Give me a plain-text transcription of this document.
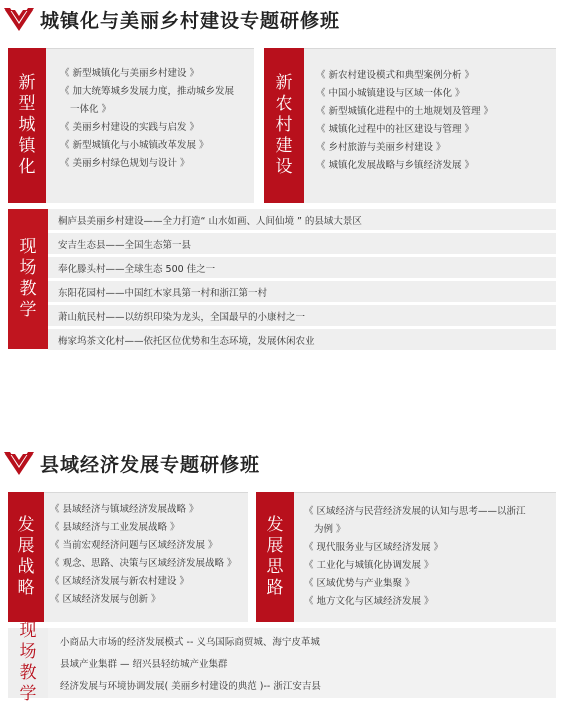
城镇化与美丽乡村建设专题研修班
新型城镇化
《 新型城镇化与美丽乡村建设 》
《 加大统筹城乡发展力度，推动城乡发展
一体化 》
《 美丽乡村建设的实践与启发 》
《 新型城镇化与小城镇改革发展 》
《 美丽乡村绿色规划与设计 》
新农村建设
《 新农村建设模式和典型案例分析 》
《 中国小城镇建设与区域一体化 》
《 新型城镇化进程中的土地规划及管理 》
《 城镇化过程中的社区建设与管理 》
《 乡村旅游与美丽乡村建设 》
《 城镇化发展战略与乡镇经济发展 》
现场教学
桐庐县美丽乡村建设——全力打造“ 山水如画、人间仙境 ” 的县域大景区
安吉生态县——全国生态第一县
奉化滕头村——全球生态 500 佳之一
东阳花园村——中国红木家具第一村和浙江第一村
萧山航民村——以纺织印染为龙头，全国最早的小康村之一
梅家坞茶文化村——依托区位优势和生态环境，发展休闲农业
县域经济发展专题研修班
发展战略
《 县域经济与镇域经济发展战略 》
《 县域经济与工业发展战略 》
《 当前宏观经济问题与区域经济发展 》
《 观念、思路、决策与区域经济发展战略 》
《 区域经济发展与新农村建设 》
《 区域经济发展与创新 》
发展思路
《 区域经济与民营经济发展的认知与思考——以浙江
为例 》
《 现代服务业与区域经济发展 》
《 工业化与城镇化协调发展 》
《 区域优势与产业集聚 》
《 地方文化与区域经济发展 》
现场教学
小商品大市场的经济发展模式 -- 义乌国际商贸城、海宁皮革城
县域产业集群 — 绍兴县轻纺城产业集群
经济发展与环境协调发展( 美丽乡村建设的典范 )-- 浙江安吉县
